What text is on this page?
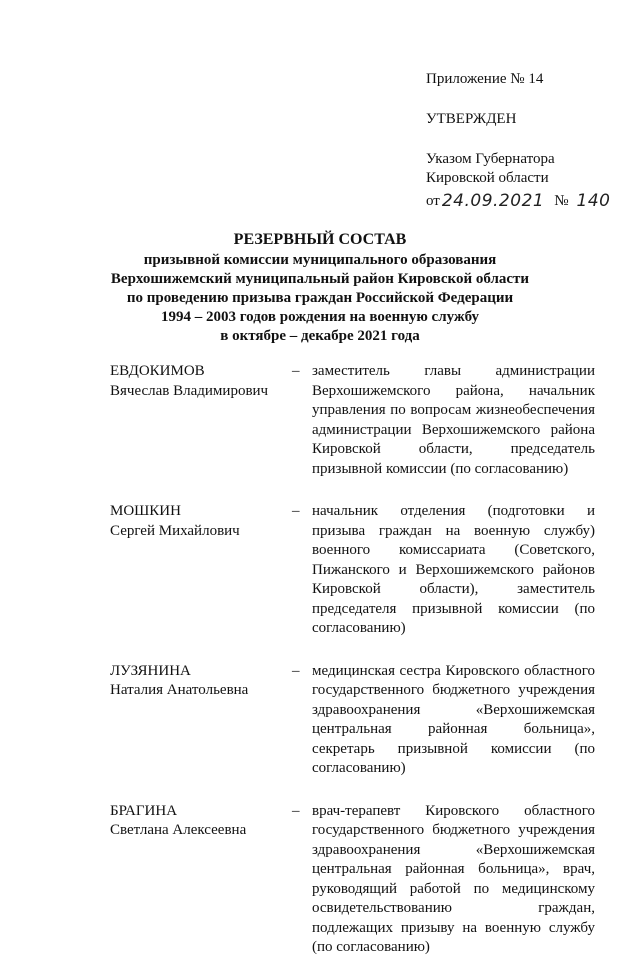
Приложение № 14
УТВЕРЖДЕН
Указом Губернатора
Кировской области
от 24.09.2021 № 140
РЕЗЕРВНЫЙ СОСТАВ
призывной комиссии муниципального образования
Верхошижемский муниципальный район Кировской области
по проведению призыва граждан Российской Федерации
1994 – 2003 годов рождения на военную службу
в октябре – декабре 2021 года
ЕВДОКИМОВ
Вячеслав Владимирович
– заместитель главы администрации Верхошижемского района, начальник управления по вопросам жизнеобеспечения администрации Верхошижемского района Кировской области, председатель призывной комиссии (по согласованию)
МОШКИН
Сергей Михайлович
– начальник отделения (подготовки и призыва граждан на военную службу) военного комиссариата (Советского, Пижанского и Верхошижемского районов Кировской области), заместитель председателя призывной комиссии (по согласованию)
ЛУЗЯНИНА
Наталия Анатольевна
– медицинская сестра Кировского областного государственного бюджетного учреждения здравоохранения «Верхошижемская центральная районная больница», секретарь призывной комиссии (по согласованию)
БРАГИНА
Светлана Алексеевна
– врач-терапевт Кировского областного государственного бюджетного учреждения здравоохранения «Верхошижемская центральная районная больница», врач, руководящий работой по медицинскому освидетельствованию граждан, подлежащих призыву на военную службу (по согласованию)
